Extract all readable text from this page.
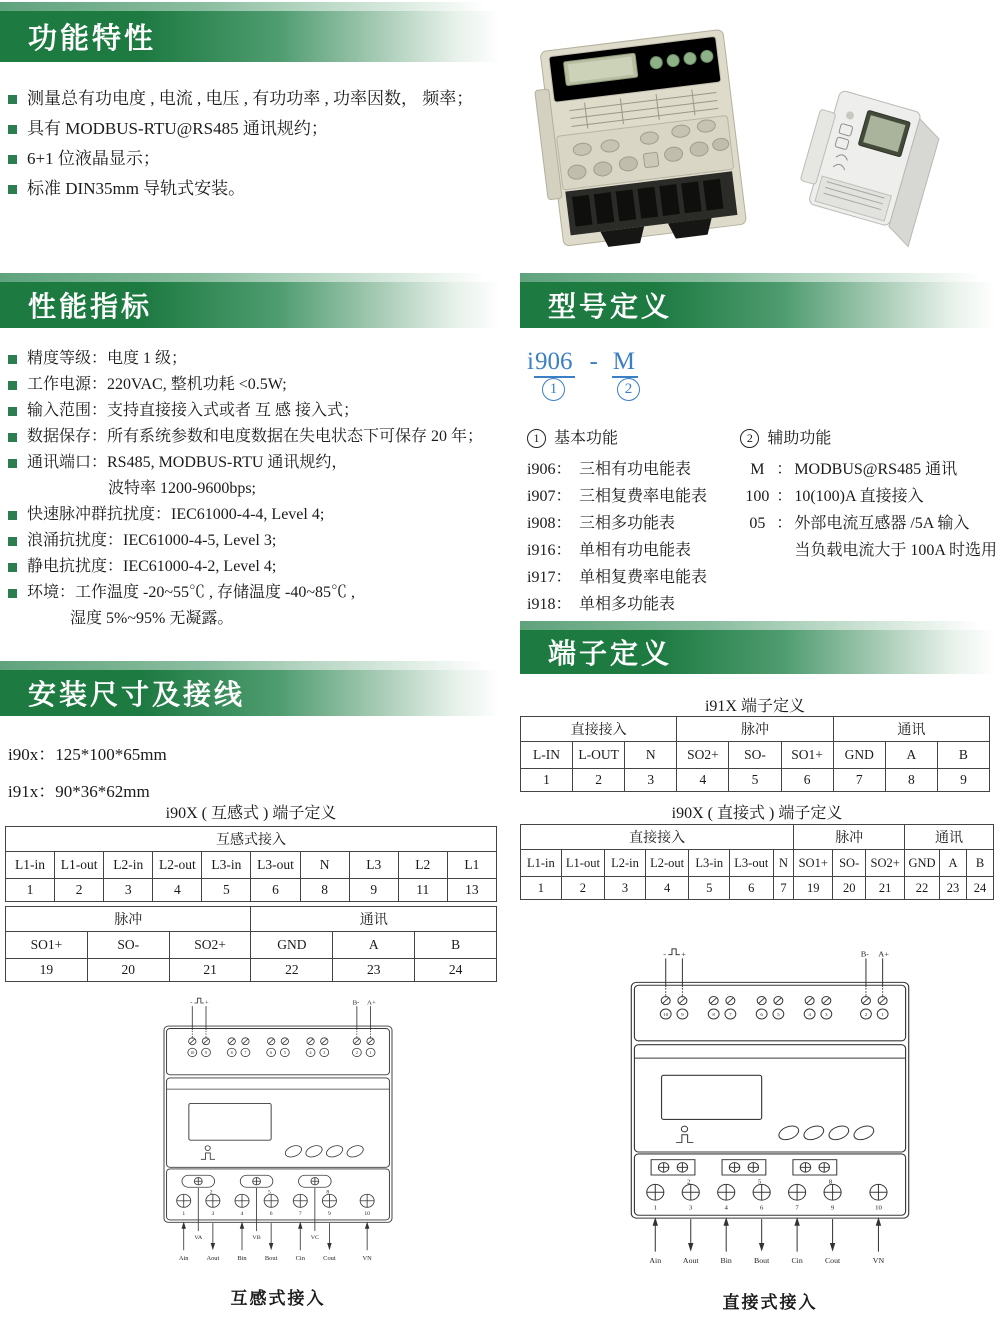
功能特性
性能指标	型号定义
端子定义
安装尺寸及接线
测量总有功电度 , 电流 , 电压 , 有功功率 , 功率因数， 频率；
具有 MODBUS-RTU@RS485 通讯规约；
6+1 位液晶显示；
标准 DIN35mm 导轨式安装。
精度等级：电度 1 级；
工作电源：220VAC, 整机功耗 <0.5W;
输入范围：支持直接接入式或者 互 感 接入式；
数据保存：所有系统参数和电度数据在失电状态下可保存 20 年；
通讯端口：RS485, MODBUS-RTU 通讯规约，
波特率 1200-9600bps;
快速脉冲群抗扰度：IEC61000-4-4, Level 4;
浪涌抗扰度：IEC61000-4-5, Level 3;
静电抗扰度：IEC61000-4-2, Level 4;
环境：工作温度 -20~55℃ , 存储温度 -40~85℃ ,
湿度 5%~95% 无凝露。
i906 - M
1	2
1 基本功能
i906： 三相有功电能表
i907： 三相复费率电能表
i908： 三相多功能表
i916： 单相有功电能表
i917： 单相复费率电能表
i918： 单相多功能表
2 辅助功能
M ： MODBUS@RS485 通讯
100 ： 10(100)A 直接接入
05 ： 外部电流互感器 /5A 输入
当负载电流大于 100A 时选用
i90x：125*100*65mm
i91x：90*36*62mm
i91X 端子定义
i90X ( 互感式 ) 端子定义	i90X ( 直接式 ) 端子定义
直接接入			脉冲			通讯		
L-IN	L-OUT	N	SO2+	SO-	SO1+	GND	A	B
1	2	3	4	5	6	7	8	9
互感式接入									
L1-in	L1-out	L2-in	L2-out	L3-in	L3-out	N	L3	L2	L1
1	2	3	4	5	6	8	9	11	13
脉冲			通讯		
SO1+	SO-	SO2+	GND	A	B
19	20	21	22	23	24
直接接入							脉冲			通讯		
L1-in	L1-out	L2-in	L2-out	L3-in	L3-out	N	SO1+	SO-	SO2+	GND	A	B
1	2	3	4	5	6	7	19	20	21	22	23	24
- +	B- A+
10 9	8 7	6 5	4 3	2 1
2	5	8
1	3	4	6	7	9	10
VA	VB	VC
Ain Aout Bin Bout Cin Cout	VN
- +	B- A+
10	9	8	7	6	5	4	3	2	1
2	5	8
1	3	4	6	7	9	10
Ain	Aout	Bin	Bout	Cin	Cout	VN
互感式接入	直接式接入
